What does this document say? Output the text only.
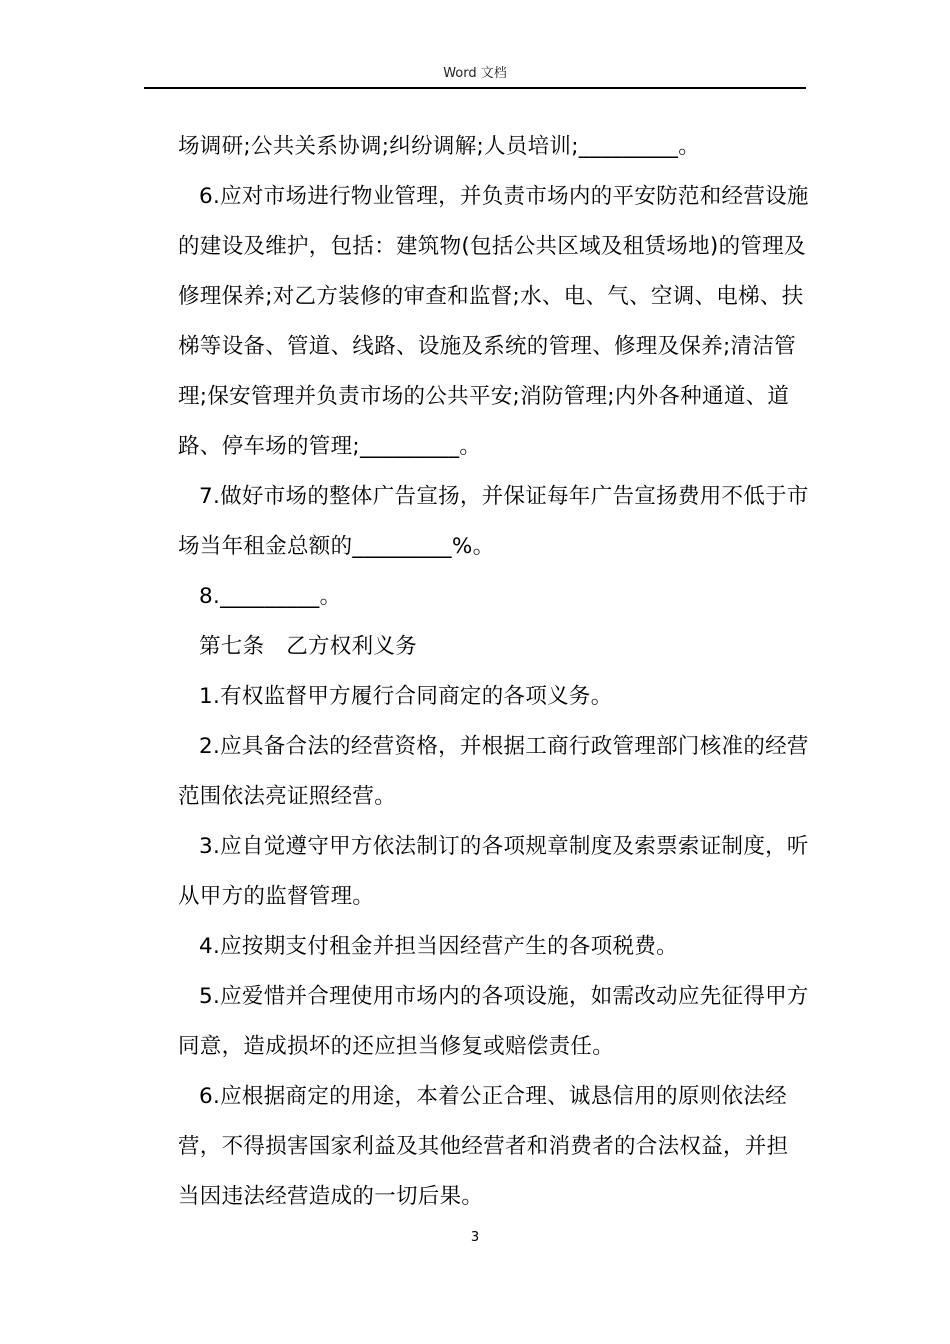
Word 文档

场调研;公共关系协调;纠纷调解;人员培训;_________。

6.应对市场进行物业管理，并负责市场内的平安防范和经营设施的建设及维护，包括：建筑物(包括公共区域及租赁场地)的管理及修理保养;对乙方装修的审查和监督;水、电、气、空调、电梯、扶梯等设备、管道、线路、设施及系统的管理、修理及保养;清洁管理;保安管理并负责市场的公共平安;消防管理;内外各种通道、道路、停车场的管理;_________。

7.做好市场的整体广告宣扬，并保证每年广告宣扬费用不低于市场当年租金总额的_________%。

8._________。

第七条　乙方权利义务

1.有权监督甲方履行合同商定的各项义务。

2.应具备合法的经营资格，并根据工商行政管理部门核准的经营范围依法亮证照经营。

3.应自觉遵守甲方依法制订的各项规章制度及索票索证制度，听从甲方的监督管理。

4.应按期支付租金并担当因经营产生的各项税费。

5.应爱惜并合理使用市场内的各项设施，如需改动应先征得甲方同意，造成损坏的还应担当修复或赔偿责任。

6.应根据商定的用途，本着公正合理、诚恳信用的原则依法经营，不得损害国家利益及其他经营者和消费者的合法权益，并担当因违法经营造成的一切后果。

3
